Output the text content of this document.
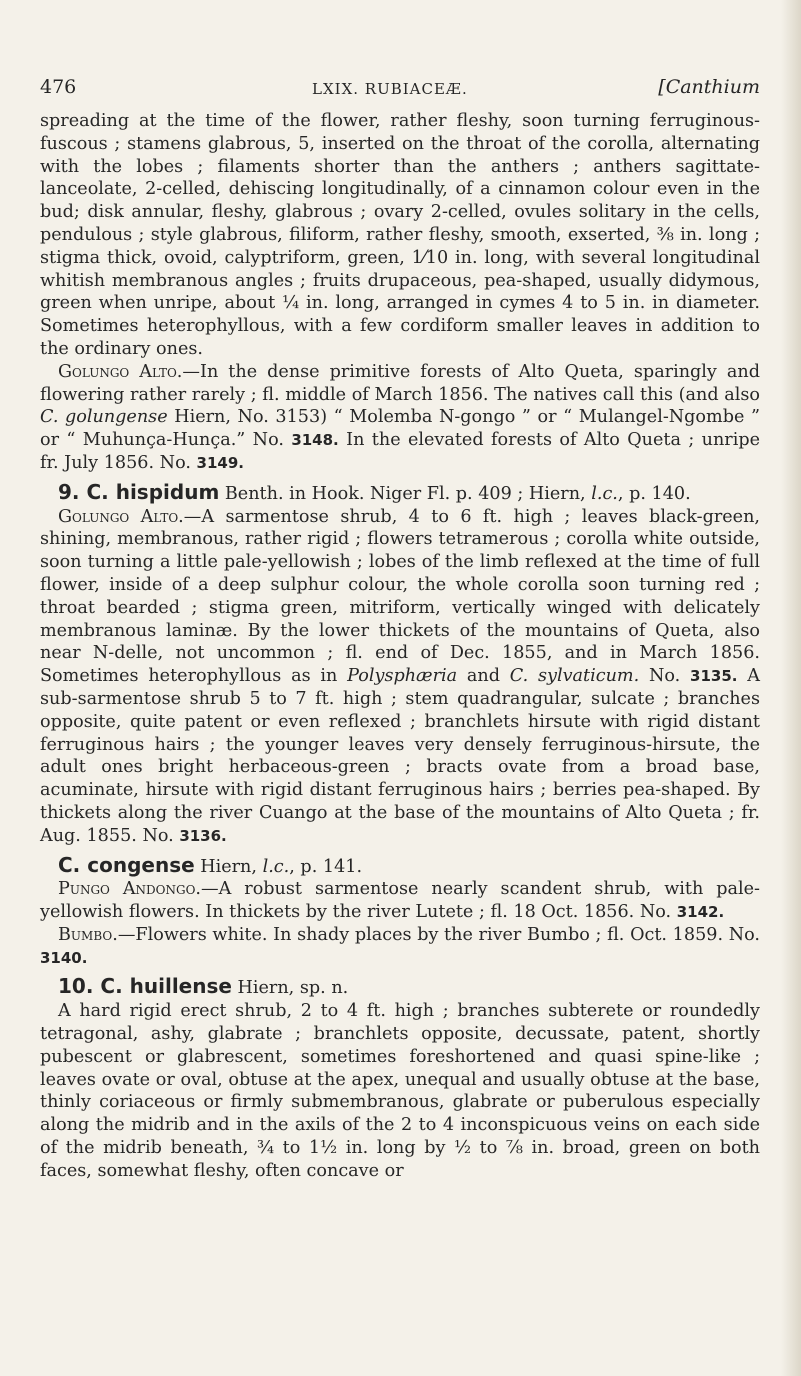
476	LXIX. RUBIACEÆ.	[Canthium

spreading at the time of the flower, rather fleshy, soon turning ferruginous-fuscous ; stamens glabrous, 5, inserted on the throat of the corolla, alternating with the lobes ; filaments shorter than the anthers ; anthers sagittate-lanceolate, 2-celled, dehiscing longitudinally, of a cinnamon colour even in the bud; disk annular, fleshy, glabrous ; ovary 2-celled, ovules solitary in the cells, pendulous ; style glabrous, filiform, rather fleshy, smooth, exserted, ⅜ in. long ; stigma thick, ovoid, calyptriform, green, 1⁄10 in. long, with several longitudinal whitish membranous angles ; fruits drupaceous, pea-shaped, usually didymous, green when unripe, about ¼ in. long, arranged in cymes 4 to 5 in. in diameter. Sometimes heterophyllous, with a few cordiform smaller leaves in addition to the ordinary ones.

Golungo Alto.—In the dense primitive forests of Alto Queta, sparingly and flowering rather rarely ; fl. middle of March 1856. The natives call this (and also C. golungense Hiern, No. 3153) “ Molemba N-gongo ” or “ Mulangel-Ngombe ” or “ Muhunça-Hunça.” No. 3148. In the elevated forests of Alto Queta ; unripe fr. July 1856. No. 3149.

9. C. hispidum Benth. in Hook. Niger Fl. p. 409 ; Hiern, l.c., p. 140.

Golungo Alto.—A sarmentose shrub, 4 to 6 ft. high ; leaves black-green, shining, membranous, rather rigid ; flowers tetramerous ; corolla white outside, soon turning a little pale-yellowish ; lobes of the limb reflexed at the time of full flower, inside of a deep sulphur colour, the whole corolla soon turning red ; throat bearded ; stigma green, mitriform, vertically winged with delicately membranous laminæ. By the lower thickets of the mountains of Queta, also near N-delle, not uncommon ; fl. end of Dec. 1855, and in March 1856. Sometimes heterophyllous as in Polysphæria and C. sylvaticum. No. 3135. A sub-sarmentose shrub 5 to 7 ft. high ; stem quadrangular, sulcate ; branches opposite, quite patent or even reflexed ; branchlets hirsute with rigid distant ferruginous hairs ; the younger leaves very densely ferruginous-hirsute, the adult ones bright herbaceous-green ; bracts ovate from a broad base, acuminate, hirsute with rigid distant ferruginous hairs ; berries pea-shaped. By thickets along the river Cuango at the base of the mountains of Alto Queta ; fr. Aug. 1855. No. 3136.

C. congense Hiern, l.c., p. 141.

Pungo Andongo.—A robust sarmentose nearly scandent shrub, with pale-yellowish flowers. In thickets by the river Lutete ; fl. 18 Oct. 1856. No. 3142.

Bumbo.—Flowers white. In shady places by the river Bumbo ; fl. Oct. 1859. No. 3140.

10. C. huillense Hiern, sp. n.

A hard rigid erect shrub, 2 to 4 ft. high ; branches subterete or roundedly tetragonal, ashy, glabrate ; branchlets opposite, decussate, patent, shortly pubescent or glabrescent, sometimes foreshortened and quasi spine-like ; leaves ovate or oval, obtuse at the apex, unequal and usually obtuse at the base, thinly coriaceous or firmly submembranous, glabrate or puberulous especially along the midrib and in the axils of the 2 to 4 inconspicuous veins on each side of the midrib beneath, ¾ to 1½ in. long by ½ to ⅞ in. broad, green on both faces, somewhat fleshy, often concave or
